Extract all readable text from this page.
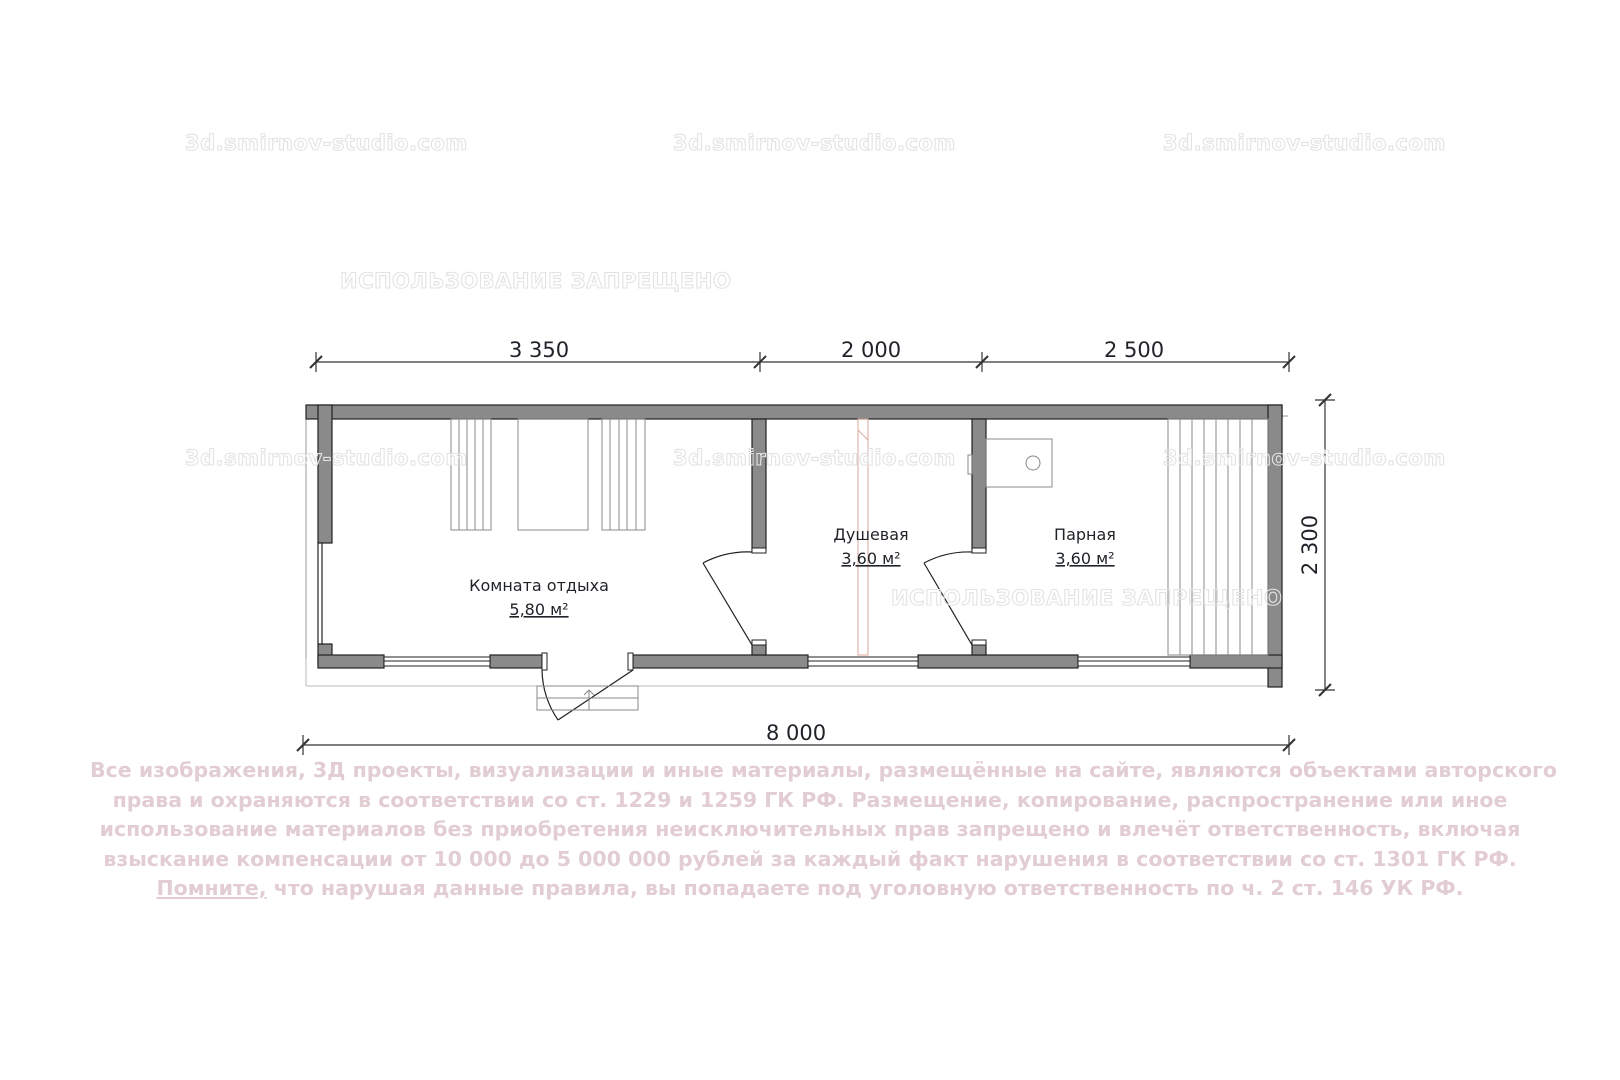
3d.smirnov-studio.com	3d.smirnov-studio.com	3d.smirnov-studio.com
ИСПОЛЬЗОВАНИЕ ЗАПРЕЩЕНО
3 350	2 000	2 500
8 000
2 300
3d.smirnov-studio.com	3d.smirnov-studio.com	3d.smirnov-studio.com
ИСПОЛЬЗОВАНИЕ ЗАПРЕЩЕНО
Комната отдыха
5,80 м²
Душевая
3,60 м²
Парная
3,60 м²
Все изображения, 3Д проекты, визуализации и иные материалы, размещённые на сайте, являются объектами авторского
права и охраняются в соответствии со ст. 1229 и 1259 ГК РФ. Размещение, копирование, распространение или иное
использование материалов без приобретения неисключительных прав запрещено и влечёт ответственность, включая
взыскание компенсации от 10 000 до 5 000 000 рублей за каждый факт нарушения в соответствии со ст. 1301 ГК РФ.
Помните, что нарушая данные правила, вы попадаете под уголовную ответственность по ч. 2 ст. 146 УК РФ.
